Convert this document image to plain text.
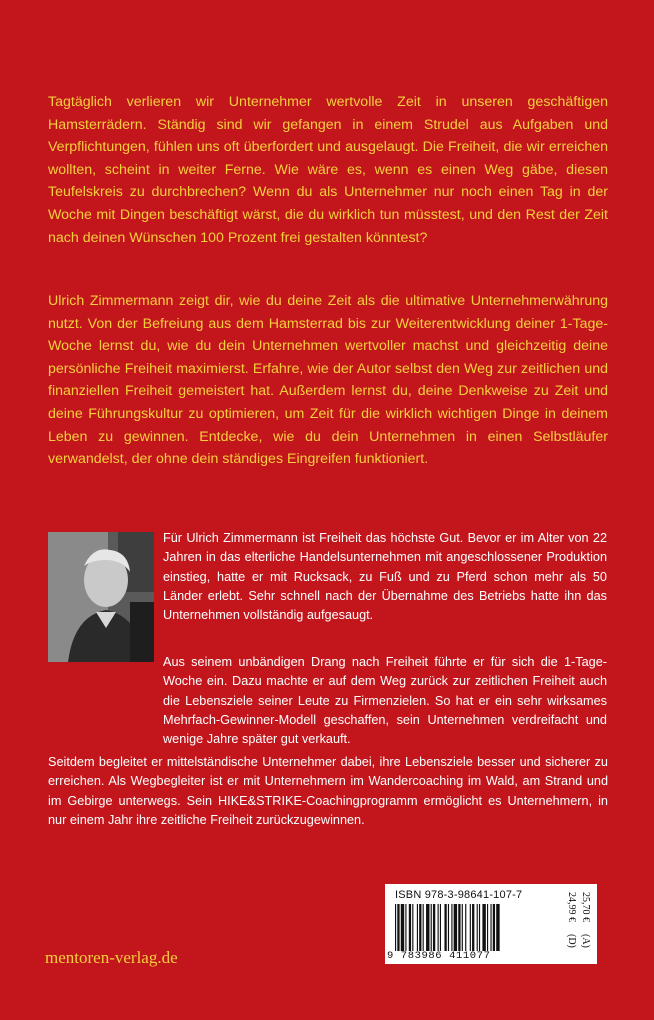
Tagtäglich verlieren wir Unternehmer wertvolle Zeit in unseren geschäftigen Hamsterrädern. Ständig sind wir gefangen in einem Strudel aus Aufgaben und Verpflichtungen, fühlen uns oft überfordert und ausgelaugt. Die Freiheit, die wir erreichen wollten, scheint in weiter Ferne. Wie wäre es, wenn es einen Weg gäbe, diesen Teufelskreis zu durchbrechen? Wenn du als Unternehmer nur noch einen Tag in der Woche mit Dingen beschäftigt wärst, die du wirklich tun müsstest, und den Rest der Zeit nach deinen Wünschen 100 Prozent frei gestalten könntest?

Ulrich Zimmermann zeigt dir, wie du deine Zeit als die ultimative Unternehmerwährung nutzt. Von der Befreiung aus dem Hamsterrad bis zur Weiterentwicklung deiner 1-Tage-Woche lernst du, wie du dein Unternehmen wertvoller machst und gleichzeitig deine persönliche Freiheit maximierst. Erfahre, wie der Autor selbst den Weg zur zeitlichen und finanziellen Freiheit gemeistert hat. Außerdem lernst du, deine Denkweise zu Zeit und deine Führungskultur zu optimieren, um Zeit für die wirklich wichtigen Dinge in deinem Leben zu gewinnen. Entdecke, wie du dein Unternehmen in einen Selbstläufer verwandelst, der ohne dein ständiges Eingreifen funktioniert.

Für Ulrich Zimmermann ist Freiheit das höchste Gut. Bevor er im Alter von 22 Jahren in das elterliche Handelsunternehmen mit angeschlossener Produktion einstieg, hatte er mit Rucksack, zu Fuß und zu Pferd schon mehr als 50 Länder erlebt. Sehr schnell nach der Übernahme des Betriebs hatte ihn das Unternehmen vollständig aufgesaugt.

Aus seinem unbändigen Drang nach Freiheit führte er für sich die 1-Tage-Woche ein. Dazu machte er auf dem Weg zurück zur zeitlichen Freiheit auch die Lebensziele seiner Leute zu Firmenzielen. So hat er ein sehr wirksames Mehrfach-Gewinner-Modell geschaffen, sein Unternehmen verdreifacht und wenige Jahre später gut verkauft.

Seitdem begleitet er mittelständische Unternehmer dabei, ihre Lebensziele besser und sicherer zu erreichen. Als Wegbegleiter ist er mit Unternehmern im Wandercoaching im Wald, am Strand und im Gebirge unterwegs. Sein HIKE&STRIKE-Coachingprogramm ermöglicht es Unternehmern, in nur einem Jahr ihre zeitliche Freiheit zurückzugewinnen.

ISBN 978-3-98641-107-7
9 783986 411077
24,99 € 25,70 €
(D) (A)
mentoren-verlag.de
